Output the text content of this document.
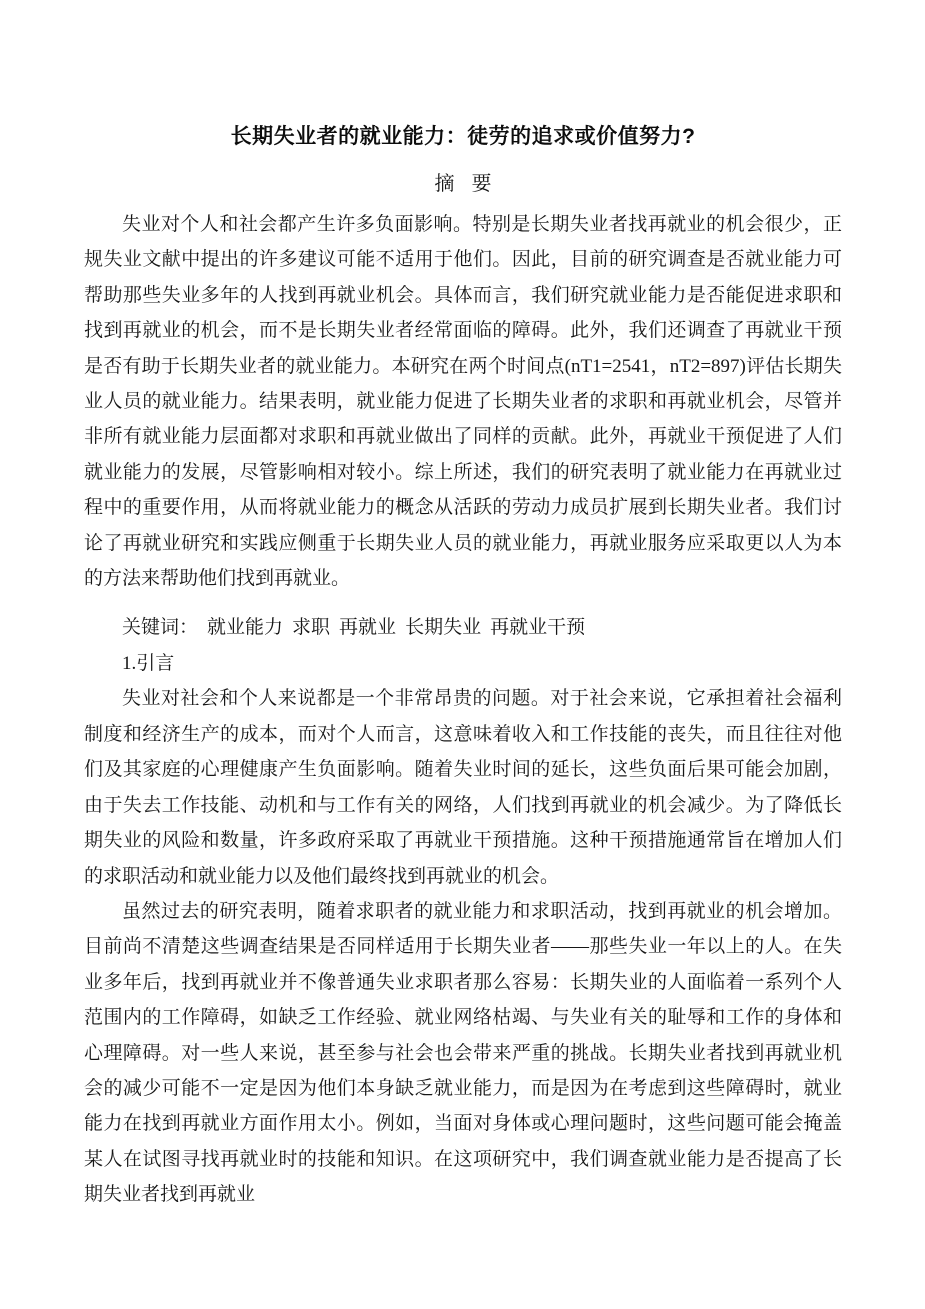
长期失业者的就业能力：徒劳的追求或价值努力?
摘 要

失业对个人和社会都产生许多负面影响。特别是长期失业者找再就业的机会很少，正规失业文献中提出的许多建议可能不适用于他们。因此，目前的研究调查是否就业能力可帮助那些失业多年的人找到再就业机会。具体而言，我们研究就业能力是否能促进求职和找到再就业的机会，而不是长期失业者经常面临的障碍。此外，我们还调查了再就业干预是否有助于长期失业者的就业能力。本研究在两个时间点(nT1=2541，nT2=897)评估长期失业人员的就业能力。结果表明，就业能力促进了长期失业者的求职和再就业机会，尽管并非所有就业能力层面都对求职和再就业做出了同样的贡献。此外，再就业干预促进了人们就业能力的发展，尽管影响相对较小。综上所述，我们的研究表明了就业能力在再就业过程中的重要作用，从而将就业能力的概念从活跃的劳动力成员扩展到长期失业者。我们讨论了再就业研究和实践应侧重于长期失业人员的就业能力，再就业服务应采取更以人为本的方法来帮助他们找到再就业。

关键词： 就业能力 求职 再就业 长期失业 再就业干预

1.引言

失业对社会和个人来说都是一个非常昂贵的问题。对于社会来说，它承担着社会福利制度和经济生产的成本，而对个人而言，这意味着收入和工作技能的丧失，而且往往对他们及其家庭的心理健康产生负面影响。随着失业时间的延长，这些负面后果可能会加剧，由于失去工作技能、动机和与工作有关的网络，人们找到再就业的机会减少。为了降低长期失业的风险和数量，许多政府采取了再就业干预措施。这种干预措施通常旨在增加人们的求职活动和就业能力以及他们最终找到再就业的机会。

虽然过去的研究表明，随着求职者的就业能力和求职活动，找到再就业的机会增加。目前尚不清楚这些调查结果是否同样适用于长期失业者——那些失业一年以上的人。在失业多年后，找到再就业并不像普通失业求职者那么容易：长期失业的人面临着一系列个人范围内的工作障碍，如缺乏工作经验、就业网络枯竭、与失业有关的耻辱和工作的身体和心理障碍。对一些人来说，甚至参与社会也会带来严重的挑战。长期失业者找到再就业机会的减少可能不一定是因为他们本身缺乏就业能力，而是因为在考虑到这些障碍时，就业能力在找到再就业方面作用太小。例如，当面对身体或心理问题时，这些问题可能会掩盖某人在试图寻找再就业时的技能和知识。在这项研究中，我们调查就业能力是否提高了长期失业者找到再就业
